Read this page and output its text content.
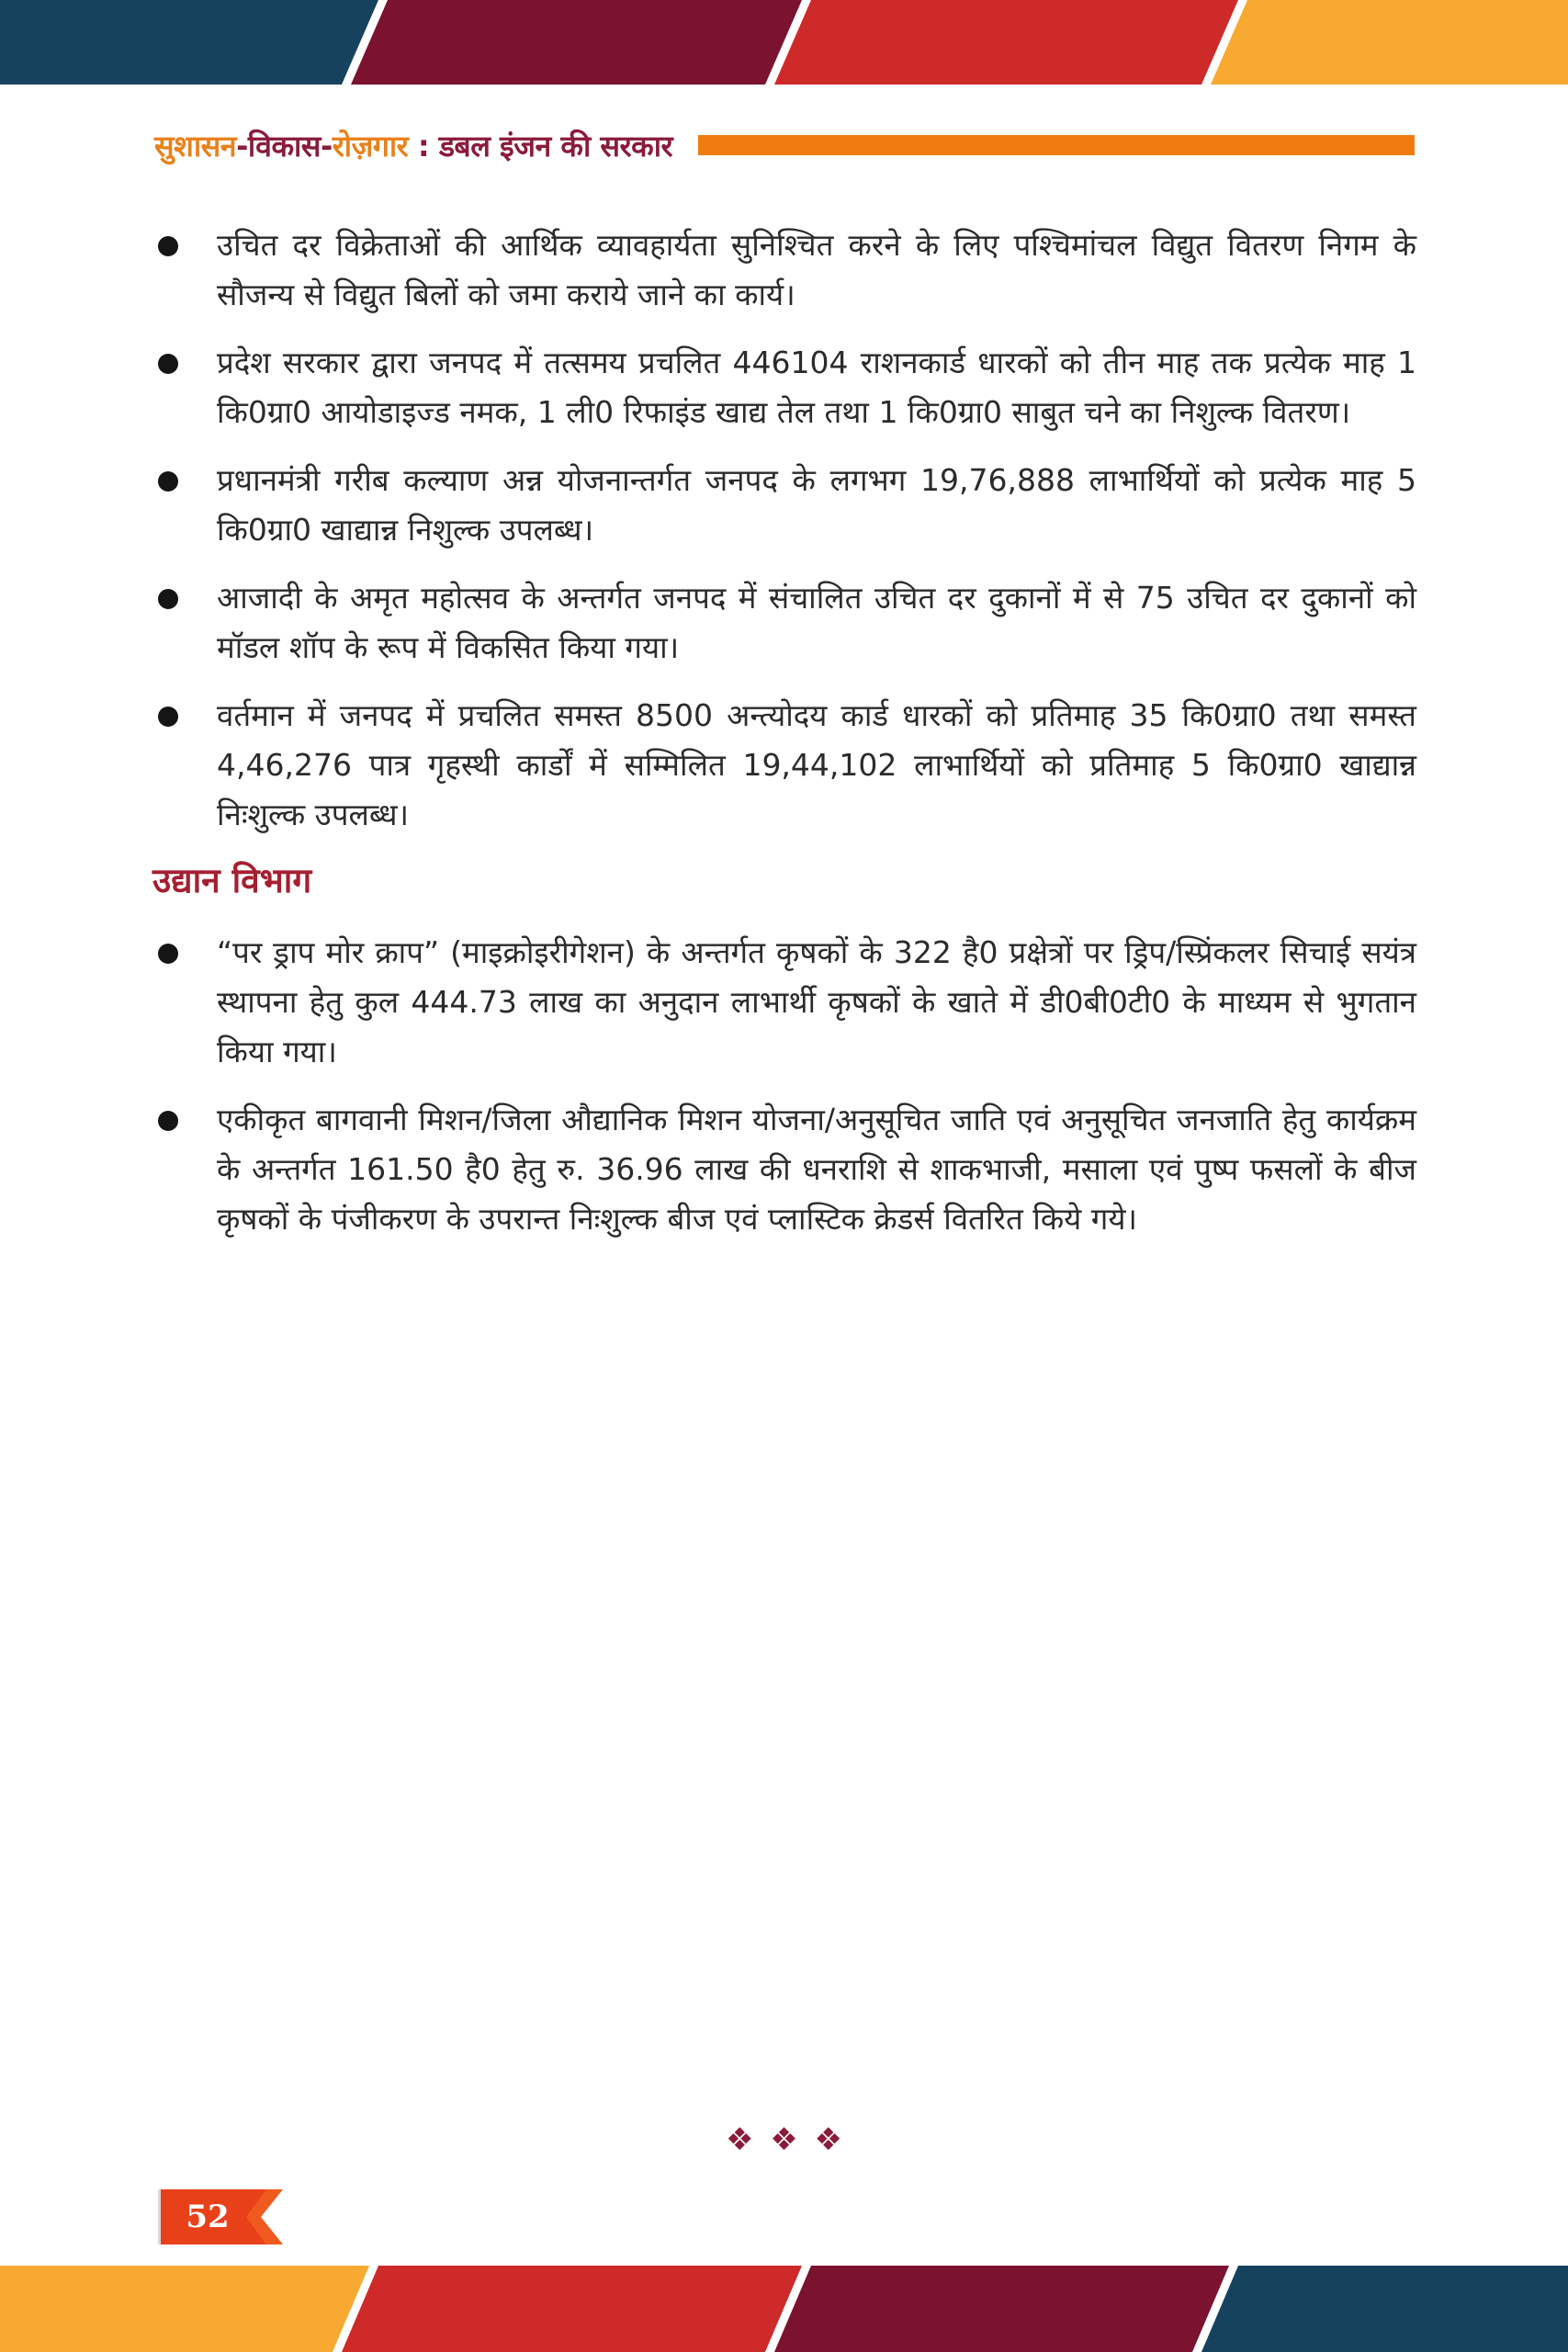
सुशासन-विकास-रोज़गार : डबल इंजन की सरकार
उचित दर विक्रेताओं की आर्थिक व्यावहार्यता सुनिश्चित करने के लिए पश्चिमांचल विद्युत वितरण निगम के सौजन्य से विद्युत बिलों को जमा कराये जाने का कार्य।
प्रदेश सरकार द्वारा जनपद में तत्समय प्रचलित 446104 राशनकार्ड धारकों को तीन माह तक प्रत्येक माह 1 कि0ग्रा0 आयोडाइज्ड नमक, 1 ली0 रिफाइंड खाद्य तेल तथा 1 कि0ग्रा0 साबुत चने का निशुल्क वितरण।
प्रधानमंत्री गरीब कल्याण अन्न योजनान्तर्गत जनपद के लगभग 19,76,888 लाभार्थियों को प्रत्येक माह 5 कि0ग्रा0 खाद्यान्न निशुल्क उपलब्ध।
आजादी के अमृत महोत्सव के अन्तर्गत जनपद में संचालित उचित दर दुकानों में से 75 उचित दर दुकानों को मॉडल शॉप के रूप में विकसित किया गया।
वर्तमान में जनपद में प्रचलित समस्त 8500 अन्त्योदय कार्ड धारकों को प्रतिमाह 35 कि0ग्रा0 तथा समस्त 4,46,276 पात्र गृहस्थी कार्डों में सम्मिलित 19,44,102 लाभार्थियों को प्रतिमाह 5 कि0ग्रा0 खाद्यान्न निःशुल्क उपलब्ध।
उद्यान विभाग
“पर ड्राप मोर क्राप” (माइक्रोइरीगेशन) के अन्तर्गत कृषकों के 322 है0 प्रक्षेत्रों पर ड्रिप/स्प्रिंकलर सिचाई सयंत्र स्थापना हेतु कुल 444.73 लाख का अनुदान लाभार्थी कृषकों के खाते में डी0बी0टी0 के माध्यम से भुगतान किया गया।
एकीकृत बागवानी मिशन/जिला औद्यानिक मिशन योजना/अनुसूचित जाति एवं अनुसूचित जनजाति हेतु कार्यक्रम के अन्तर्गत 161.50 है0 हेतु रु. 36.96 लाख की धनराशि से शाकभाजी, मसाला एवं पुष्प फसलों के बीज कृषकों के पंजीकरण के उपरान्त निःशुल्क बीज एवं प्लास्टिक क्रेडर्स वितरित किये गये।
❖ ❖ ❖
52
